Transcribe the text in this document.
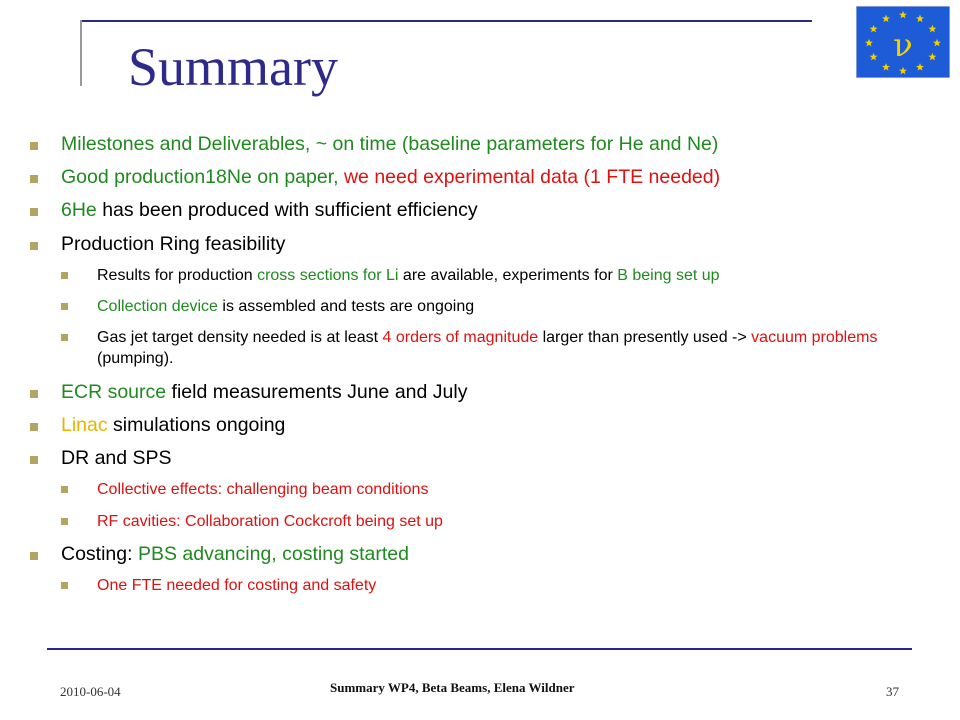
Summary	ν
Milestones and Deliverables, ~ on time (baseline parameters for He and Ne)
Good production18Ne on paper, we need experimental data (1 FTE needed)
6He has been produced with sufficient efficiency
Production Ring feasibility
Results for production cross sections for Li are available, experiments for B being set up
Collection device is assembled and tests are ongoing
Gas jet target density needed is at least 4 orders of magnitude larger than presently used -> vacuum problems (pumping).
ECR source field measurements June and July
Linac simulations ongoing
DR and SPS
Collective effects: challenging beam conditions
RF cavities: Collaboration Cockcroft being set up
Costing: PBS advancing, costing started
One FTE needed for costing and safety
2010-06-04	Summary WP4, Beta Beams, Elena Wildner	37
